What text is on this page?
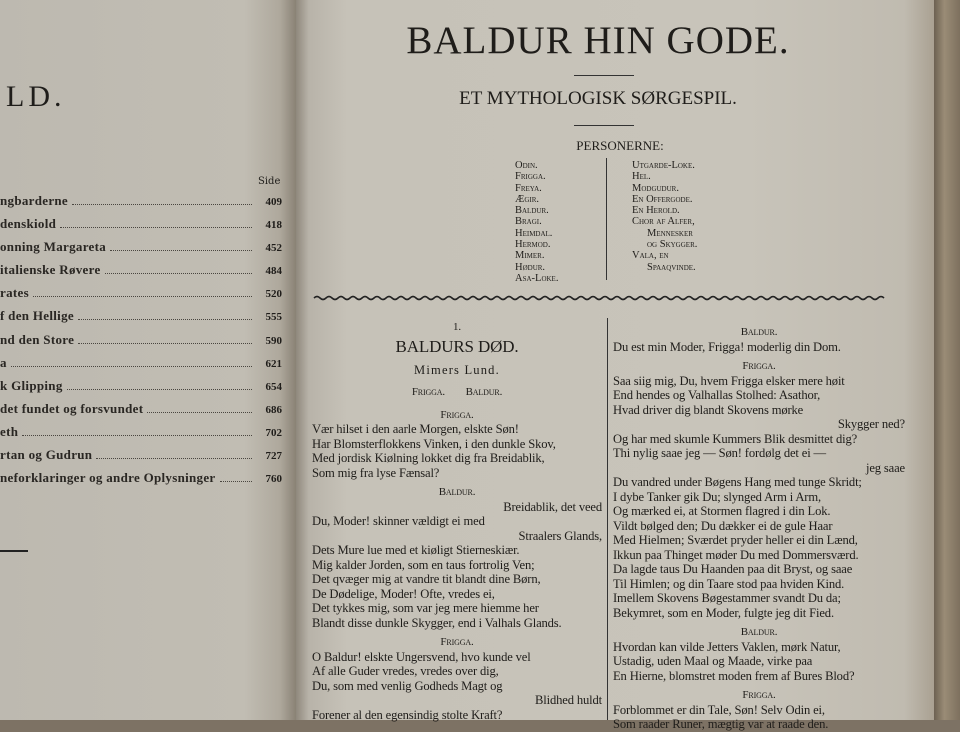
LD.
Side
ngbarderne	409
denskiold	418
onning Margareta	452
italienske Røvere	484
rates	520
f den Hellige	555
nd den Store	590
a	621
k Glipping	654
det fundet og forsvundet	686
eth	702
rtan og Gudrun	727
neforklaringer og andre Oplysninger	760
BALDUR HIN GODE.
ET MYTHOLOGISK SØRGESPIL.
PERSONERNE:
Odin.
Frigga.
Freya.
Ægir.
Baldur.
Bragi.
Heimdal.
Hermod.
Mimer.
Hødur.
Asa-Loke.
Utgarde-Loke.
Hel.
Modgudur.
En Offergode.
En Herold.
Chor af Alfer,
Mennesker
og Skygger.
Vala, en
Spaaqvinde.
1.
BALDURS DØD.
Mimers Lund.
Frigga. Baldur.
Frigga.
Vær hilset i den aarle Morgen, elskte Søn!
Har Blomsterflokkens Vinken, i den dunkle Skov,
Med jordisk Kiølning lokket dig fra Breidablik,
Som mig fra lyse Fænsal?
Baldur.
Breidablik, det veed
Du, Moder! skinner vældigt ei med
Straalers Glands,
Dets Mure lue med et kiøligt Stierneskiær.
Mig kalder Jorden, som en taus fortrolig Ven;
Det qvæger mig at vandre tit blandt dine Børn,
De Dødelige, Moder! Ofte, vredes ei,
Det tykkes mig, som var jeg mere hiemme her
Blandt disse dunkle Skygger, end i Valhals Glands.
Frigga.
O Baldur! elskte Ungersvend, hvo kunde vel
Af alle Guder vredes, vredes over dig,
Du, som med venlig Godheds Magt og
Blidhed huldt
Forener al den egensindig stolte Kraft?
Baldur.
Du est min Moder, Frigga! moderlig din Dom.
Frigga.
Saa siig mig, Du, hvem Frigga elsker mere høit
End hendes og Valhallas Stolhed: Asathor,
Hvad driver dig blandt Skovens mørke
Skygger ned?
Og har med skumle Kummers Blik desmittet dig?
Thi nylig saae jeg — Søn! fordølg det ei —
jeg saae
Du vandred under Bøgens Hang med tunge Skridt;
I dybe Tanker gik Du; slynged Arm i Arm,
Og mærked ei, at Stormen flagred i din Lok.
Vildt bølged den; Du dækker ei de gule Haar
Med Hielmen; Sværdet pryder heller ei din Lænd,
Ikkun paa Thinget møder Du med Dommersværd.
Da lagde taus Du Haanden paa dit Bryst, og saae
Til Himlen; og din Taare stod paa hviden Kind.
Imellem Skovens Bøgestammer svandt Du da;
Bekymret, som en Moder, fulgte jeg dit Fied.
Baldur.
Hvordan kan vilde Jetters Vaklen, mørk Natur,
Ustadig, uden Maal og Maade, virke paa
En Hierne, blomstret moden frem af Bures Blod?
Frigga.
Forblommet er din Tale, Søn! Selv Odin ei,
Som raader Runer, mægtig var at raade den.
